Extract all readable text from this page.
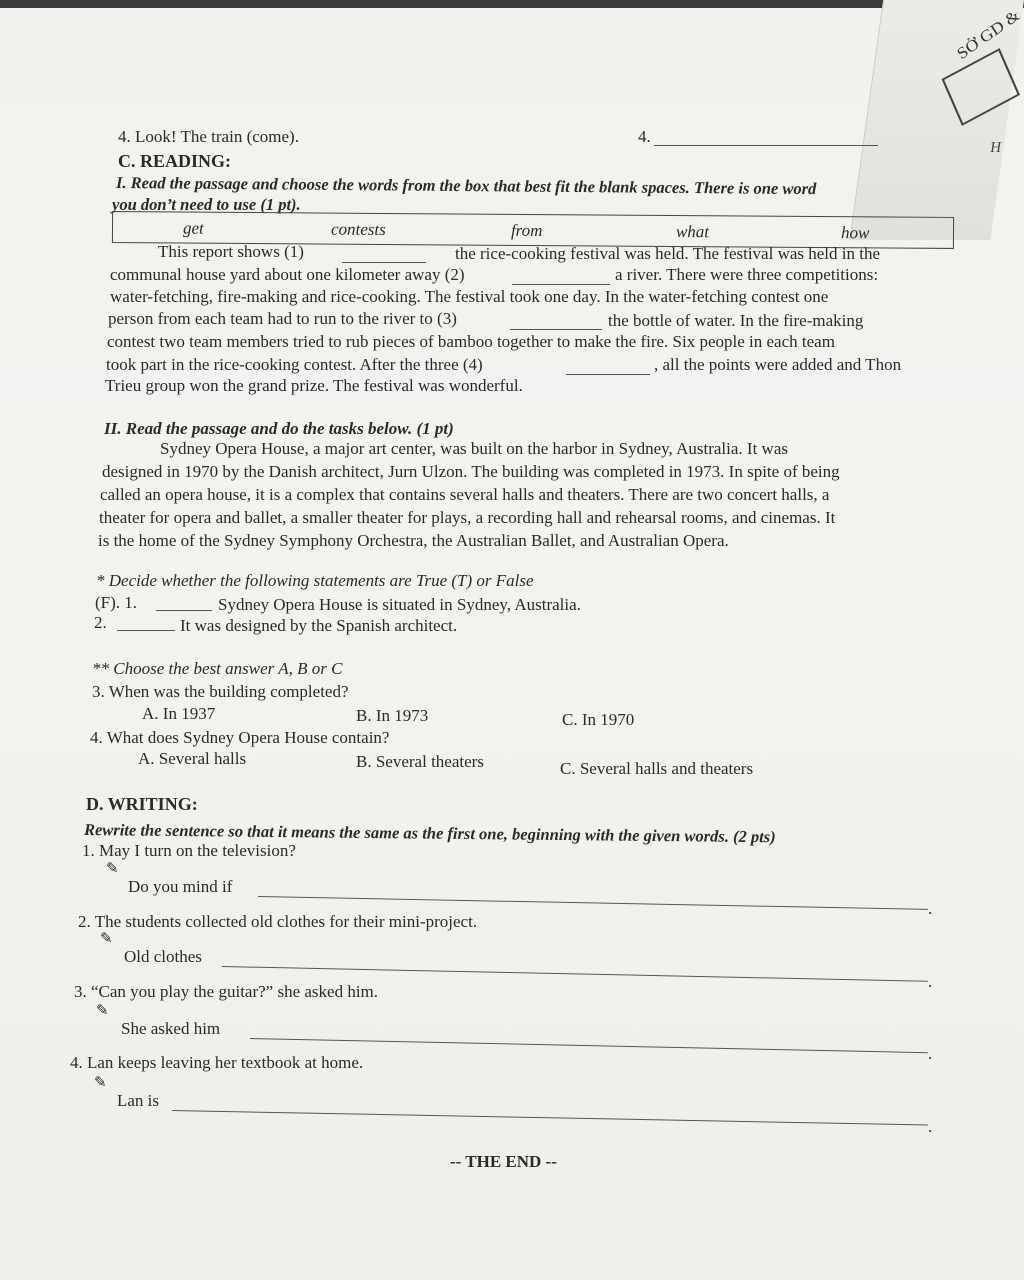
SỞ GD &
H
4. Look! The train (come).	4.
C. READING:
I. Read the passage and choose the words from the box that best fit the blank spaces. There is one word
you don’t need to use (1 pt).
get	contests	from	what	how
This report shows (1)	the rice-cooking festival was held. The festival was held in the
communal house yard about one kilometer away (2)	a river. There were three competitions:
water-fetching, fire-making and rice-cooking. The festival took one day. In the water-fetching contest one
person from each team had to run to the river to (3)	the bottle of water. In the fire-making
contest two team members tried to rub pieces of bamboo together to make the fire. Six people in each team
took part in the rice-cooking contest. After the three (4)	, all the points were added and Thon
Trieu group won the grand prize. The festival was wonderful.
II. Read the passage and do the tasks below. (1 pt)
Sydney Opera House, a major art center, was built on the harbor in Sydney, Australia. It was
designed in 1970 by the Danish architect, Jurn Ulzon. The building was completed in 1973. In spite of being
called an opera house, it is a complex that contains several halls and theaters. There are two concert halls, a
theater for opera and ballet, a smaller theater for plays, a recording hall and rehearsal rooms, and cinemas. It
is the home of the Sydney Symphony Orchestra, the Australian Ballet, and Australian Opera.
* Decide whether the following statements are True (T) or False
(F). 1.	Sydney Opera House is situated in Sydney, Australia.
2.	It was designed by the Spanish architect.
** Choose the best answer A, B or C
3. When was the building completed?
A. In 1937	B. In 1973	C. In 1970
4. What does Sydney Opera House contain?
A. Several halls	B. Several theaters	C. Several halls and theaters
D. WRITING:
Rewrite the sentence so that it means the same as the first one, beginning with the given words. (2 pts)
1. May I turn on the television?
✎
Do you mind if
.
2. The students collected old clothes for their mini-project.
✎
Old clothes
.
3. “Can you play the guitar?” she asked him.
✎
She asked him
.
4. Lan keeps leaving her textbook at home.
✎
Lan is
.
-- THE END --
